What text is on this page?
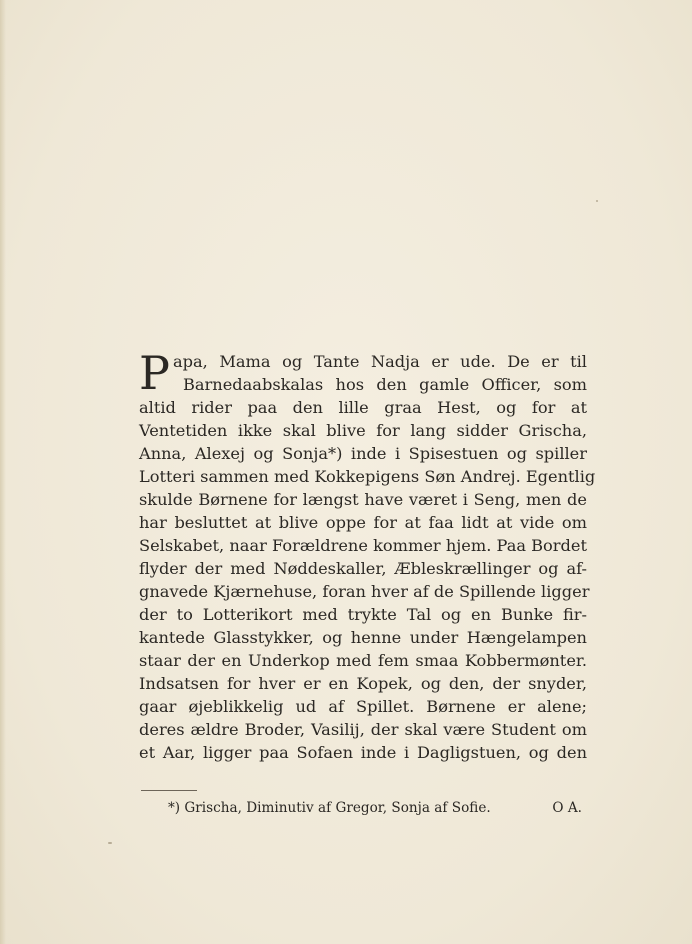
P apa, Mama og Tante Nadja er ude. De er til
Barnedaabskalas hos den gamle Officer, som
altid rider paa den lille graa Hest, og for at
Ventetiden ikke skal blive for lang sidder Grischa,
Anna, Alexej og Sonja*) inde i Spisestuen og spiller
Lotteri sammen med Kokkepigens Søn Andrej. Egentlig
skulde Børnene for længst have været i Seng, men de
har besluttet at blive oppe for at faa lidt at vide om
Selskabet, naar Forældrene kommer hjem. Paa Bordet
flyder der med Nøddeskaller, Æbleskrællinger og af-
gnavede Kjærnehuse, foran hver af de Spillende ligger
der to Lotterikort med trykte Tal og en Bunke fir-
kantede Glasstykker, og henne under Hængelampen
staar der en Underkop med fem smaa Kobbermønter.
Indsatsen for hver er en Kopek, og den, der snyder,
gaar øjeblikkelig ud af Spillet. Børnene er alene;
deres ældre Broder, Vasilij, der skal være Student om
et Aar, ligger paa Sofaen inde i Dagligstuen, og den
*) Grischa, Diminutiv af Gregor, Sonja af Sofie.	O A.
